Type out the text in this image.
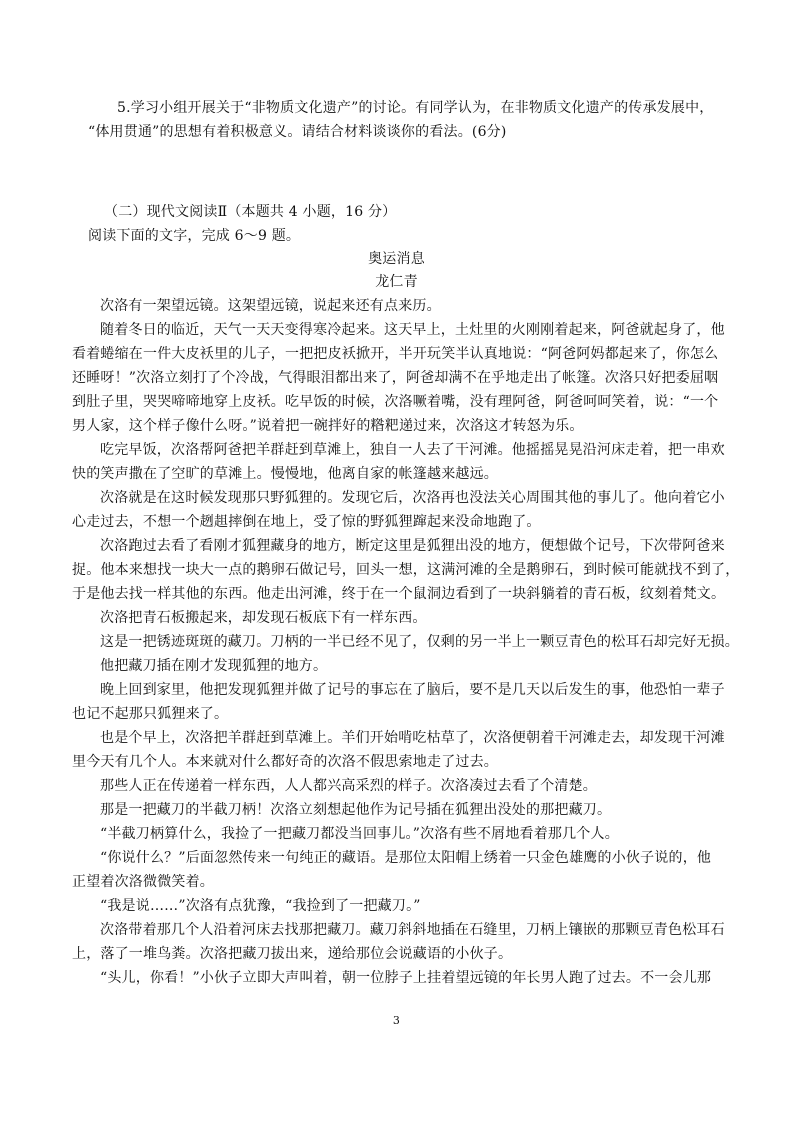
5.学习小组开展关于“非物质文化遗产”的讨论。有同学认为，在非物质文化遗产的传承发展中，
“体用贯通”的思想有着积极意义。请结合材料谈谈你的看法。(6分)
（二）现代文阅读Ⅱ（本题共 4 小题，16 分）
阅读下面的文字，完成 6～9 题。
奥运消息
龙仁青
次洛有一架望远镜。这架望远镜，说起来还有点来历。
随着冬日的临近，天气一天天变得寒冷起来。这天早上，土灶里的火刚刚着起来，阿爸就起身了，他
看着蜷缩在一件大皮袄里的儿子，一把把皮袄掀开，半开玩笑半认真地说：“阿爸阿妈都起来了，你怎么
还睡呀！”次洛立刻打了个冷战，气得眼泪都出来了，阿爸却满不在乎地走出了帐篷。次洛只好把委屈咽
到肚子里，哭哭啼啼地穿上皮袄。吃早饭的时候，次洛噘着嘴，没有理阿爸，阿爸呵呵笑着，说：“一个
男人家，这个样子像什么呀。”说着把一碗拌好的糌粑递过来，次洛这才转怒为乐。
吃完早饭，次洛帮阿爸把羊群赶到草滩上，独自一人去了干河滩。他摇摇晃晃沿河床走着，把一串欢
快的笑声撒在了空旷的草滩上。慢慢地，他离自家的帐篷越来越远。
次洛就是在这时候发现那只野狐狸的。发现它后，次洛再也没法关心周围其他的事儿了。他向着它小
心走过去，不想一个趔趄摔倒在地上，受了惊的野狐狸蹿起来没命地跑了。
次洛跑过去看了看刚才狐狸藏身的地方，断定这里是狐狸出没的地方，便想做个记号，下次带阿爸来
捉。他本来想找一块大一点的鹅卵石做记号，回头一想，这满河滩的全是鹅卵石，到时候可能就找不到了，
于是他去找一样其他的东西。他走出河滩，终于在一个鼠洞边看到了一块斜躺着的青石板，纹刻着梵文。
次洛把青石板搬起来，却发现石板底下有一样东西。
这是一把锈迹斑斑的藏刀。刀柄的一半已经不见了，仅剩的另一半上一颗豆青色的松耳石却完好无损。
他把藏刀插在刚才发现狐狸的地方。
晚上回到家里，他把发现狐狸并做了记号的事忘在了脑后，要不是几天以后发生的事，他恐怕一辈子
也记不起那只狐狸来了。
也是个早上，次洛把羊群赶到草滩上。羊们开始啃吃枯草了，次洛便朝着干河滩走去，却发现干河滩
里今天有几个人。本来就对什么都好奇的次洛不假思索地走了过去。
那些人正在传递着一样东西，人人都兴高采烈的样子。次洛凑过去看了个清楚。
那是一把藏刀的半截刀柄！次洛立刻想起他作为记号插在狐狸出没处的那把藏刀。
“半截刀柄算什么，我捡了一把藏刀都没当回事儿。”次洛有些不屑地看着那几个人。
“你说什么？”后面忽然传来一句纯正的藏语。是那位太阳帽上绣着一只金色雄鹰的小伙子说的，他
正望着次洛微微笑着。
“我是说……”次洛有点犹豫，“我捡到了一把藏刀。”
次洛带着那几个人沿着河床去找那把藏刀。藏刀斜斜地插在石缝里，刀柄上镶嵌的那颗豆青色松耳石
上，落了一堆鸟粪。次洛把藏刀拔出来，递给那位会说藏语的小伙子。
“头儿，你看！”小伙子立即大声叫着，朝一位脖子上挂着望远镜的年长男人跑了过去。不一会儿那
3
